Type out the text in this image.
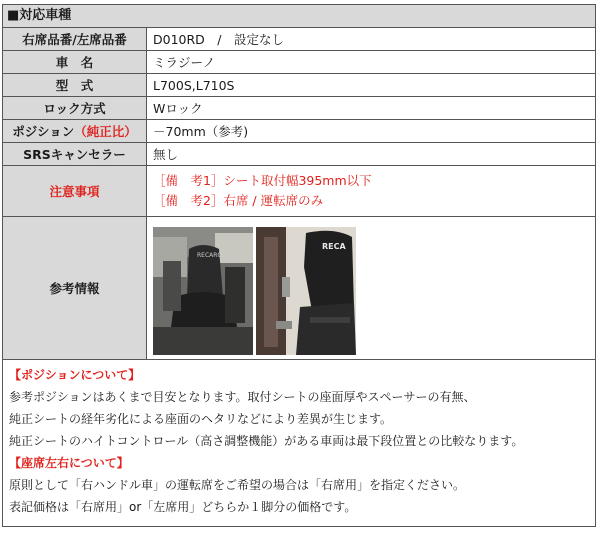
■対応車種
右席品番/左席品番	D010RD　/　設定なし
車　名	ミラジーノ
型　式	L700S,L710S
ロック方式	Wロック
ポジション（純正比）	－70mm（参考)
SRSキャンセラー	無し
注意事項	［備　考1］シート取付幅395mm以下
［備　考2］右席 / 運転席のみ

参考情報	RECARO
RECA
【ポジションについて】
参考ポジションはあくまで目安となります。取付シートの座面厚やスペーサーの有無、
純正シートの経年劣化による座面のヘタリなどにより差異が生じます。
純正シートのハイトコントロール（高さ調整機能）がある車両は最下段位置との比較なります。
【座席左右について】
原則として「右ハンドル車」の運転席をご希望の場合は「右席用」を指定ください。
表記価格は「右席用」or「左席用」どちらか１脚分の価格です。
